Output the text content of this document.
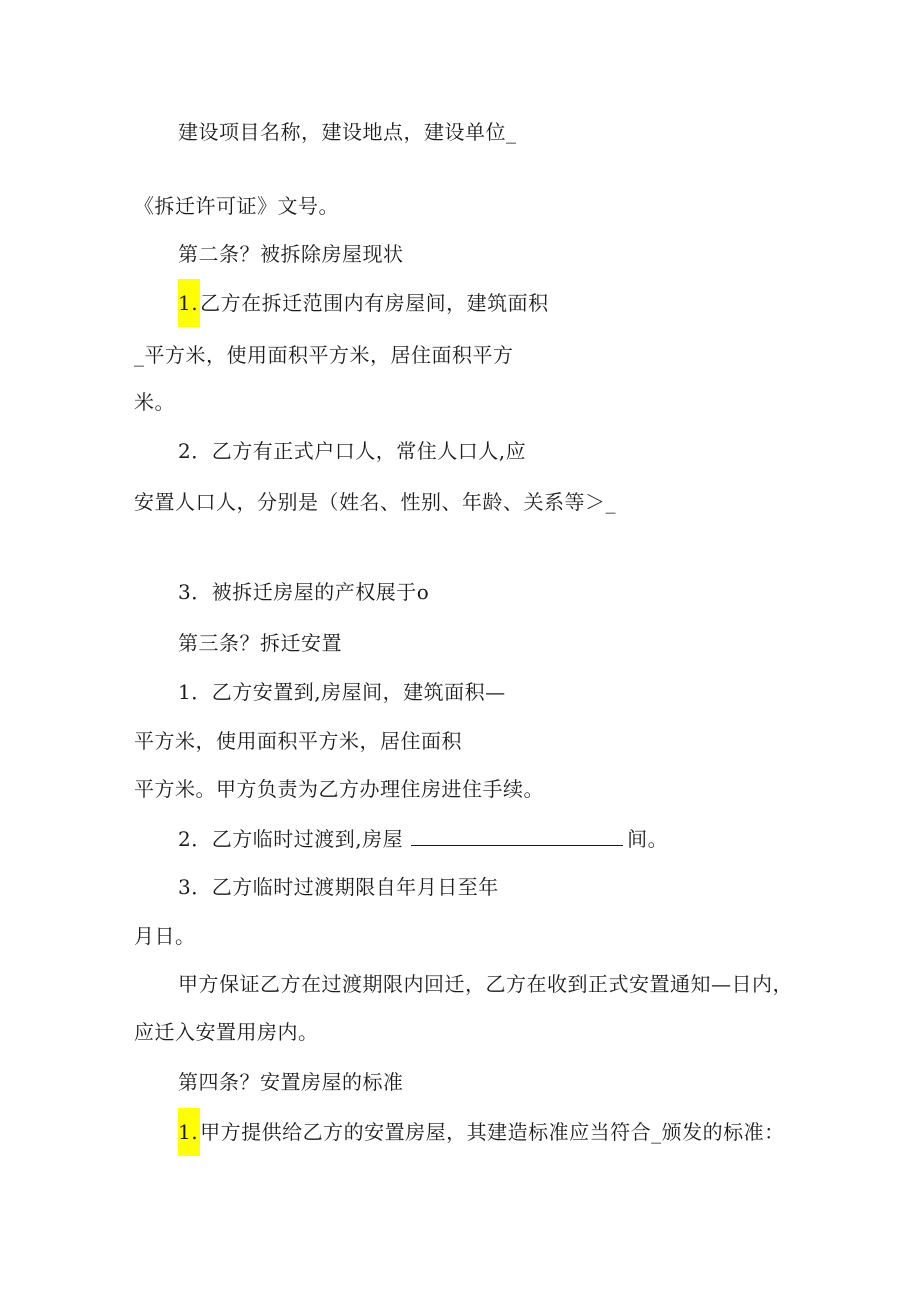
建设项目名称，建设地点，建设单位_
《拆迁许可证》文号。
第二条？被拆除房屋现状
1. 乙方在拆迁范围内有房屋间，建筑面积
_平方米，使用面积平方米，居住面积平方
米。
2．乙方有正式户口人，常住人口人,应
安置人口人，分别是（姓名、性别、年龄、关系等＞_
3．被拆迁房屋的产权展于o
第三条？拆迁安置
1．乙方安置到,房屋间，建筑面积—
平方米，使用面积平方米，居住面积
平方米。甲方负责为乙方办理住房进住手续。
2．乙方临时过渡到,房屋	间。
3．乙方临时过渡期限自年月日至年
月日。
甲方保证乙方在过渡期限内回迁，乙方在收到正式安置通知—日内，
应迁入安置用房内。
第四条？安置房屋的标准
1. 甲方提供给乙方的安置房屋，其建造标准应当符合_颁发的标准：
